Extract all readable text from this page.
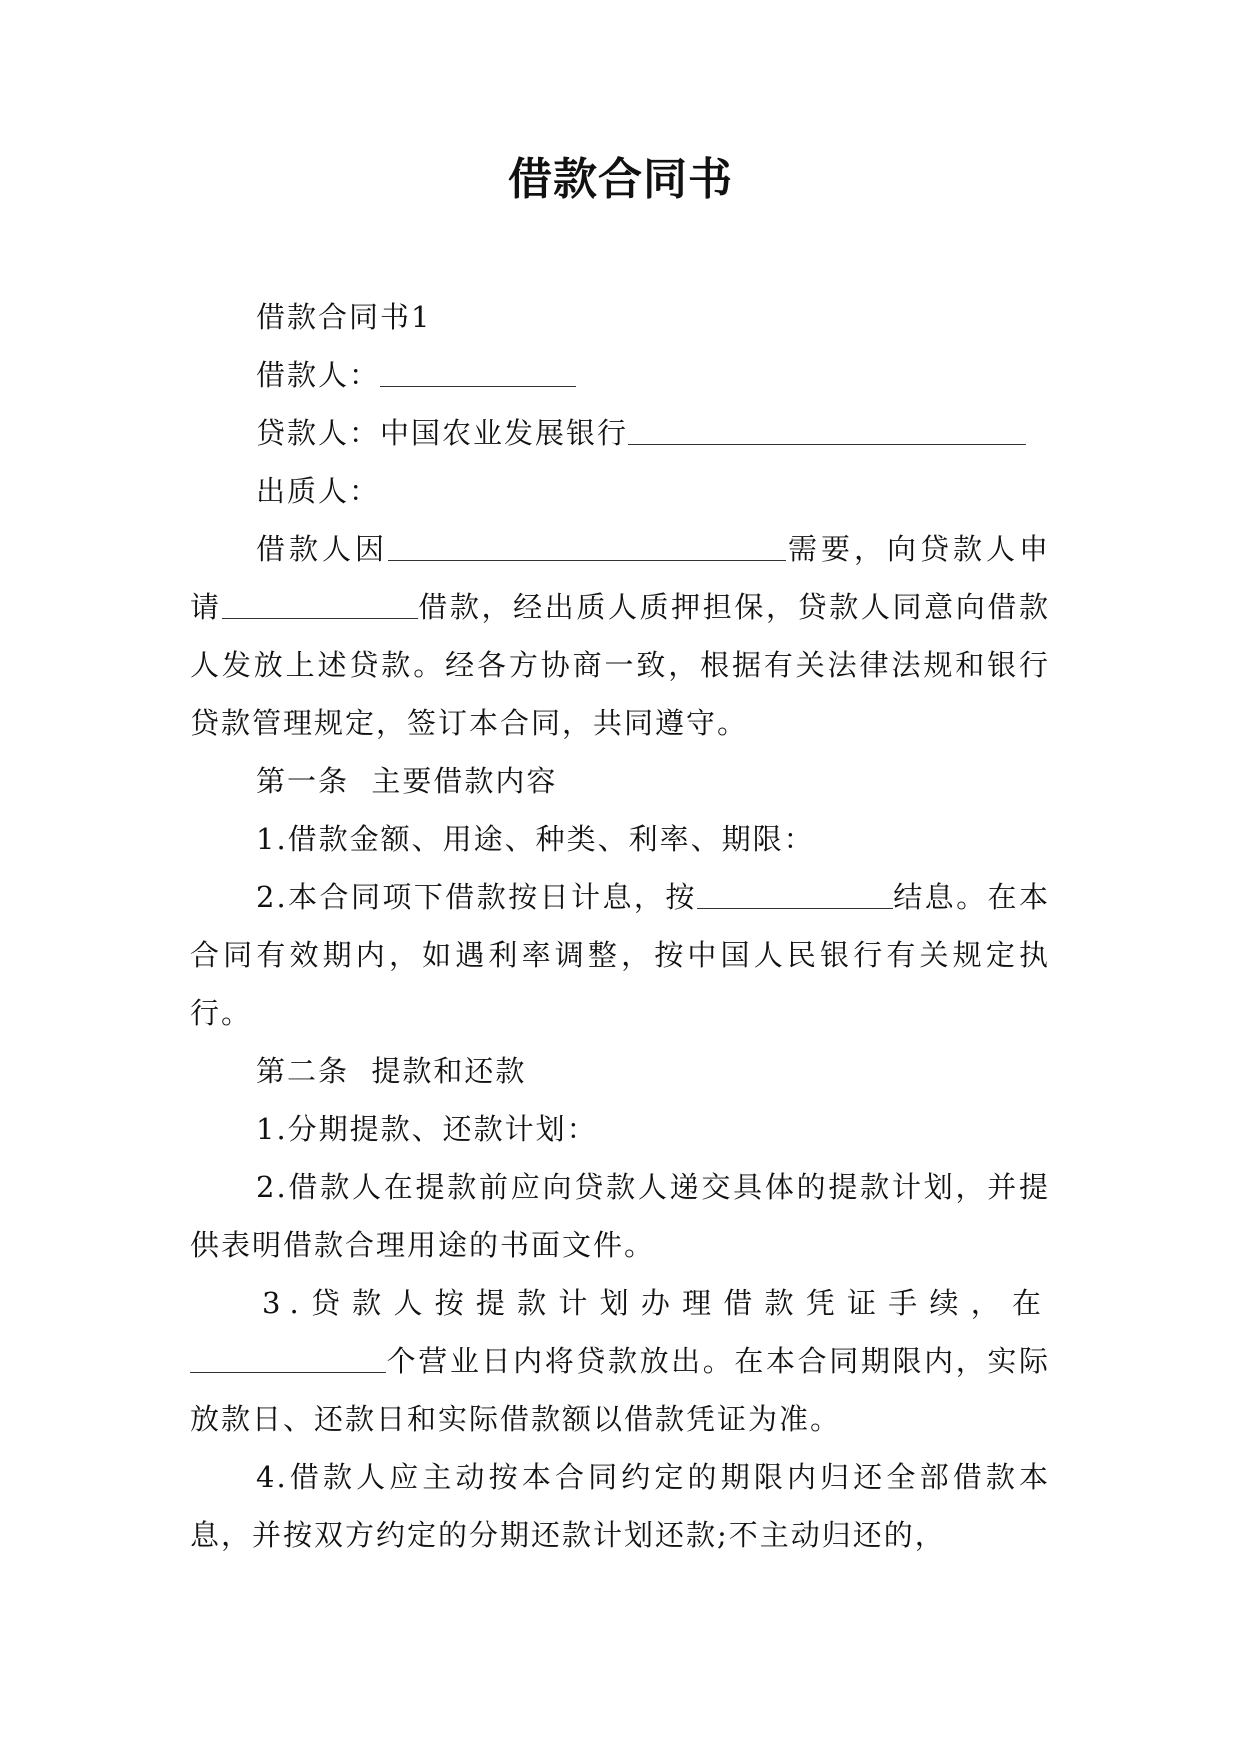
借款合同书

借款合同书1

借款人：

贷款人：中国农业发展银行

出质人：

借款人因	需要，向贷款人申请	借款，经出质人质押担保，贷款人同意向借款人发放上述贷款。经各方协商一致，根据有关法律法规和银行贷款管理规定，签订本合同，共同遵守。

第一条  主要借款内容

1.借款金额、用途、种类、利率、期限：

2.本合同项下借款按日计息，按	结息。在本合同有效期内，如遇利率调整，按中国人民银行有关规定执行。

第二条  提款和还款

1.分期提款、还款计划：

2.借款人在提款前应向贷款人递交具体的提款计划，并提供表明借款合理用途的书面文件。

3.贷款人按提款计划办理借款凭证手续，在个营业日内将贷款放出。在本合同期限内，实际放款日、还款日和实际借款额以借款凭证为准。

4.借款人应主动按本合同约定的期限内归还全部借款本息，并按双方约定的分期还款计划还款;不主动归还的，
